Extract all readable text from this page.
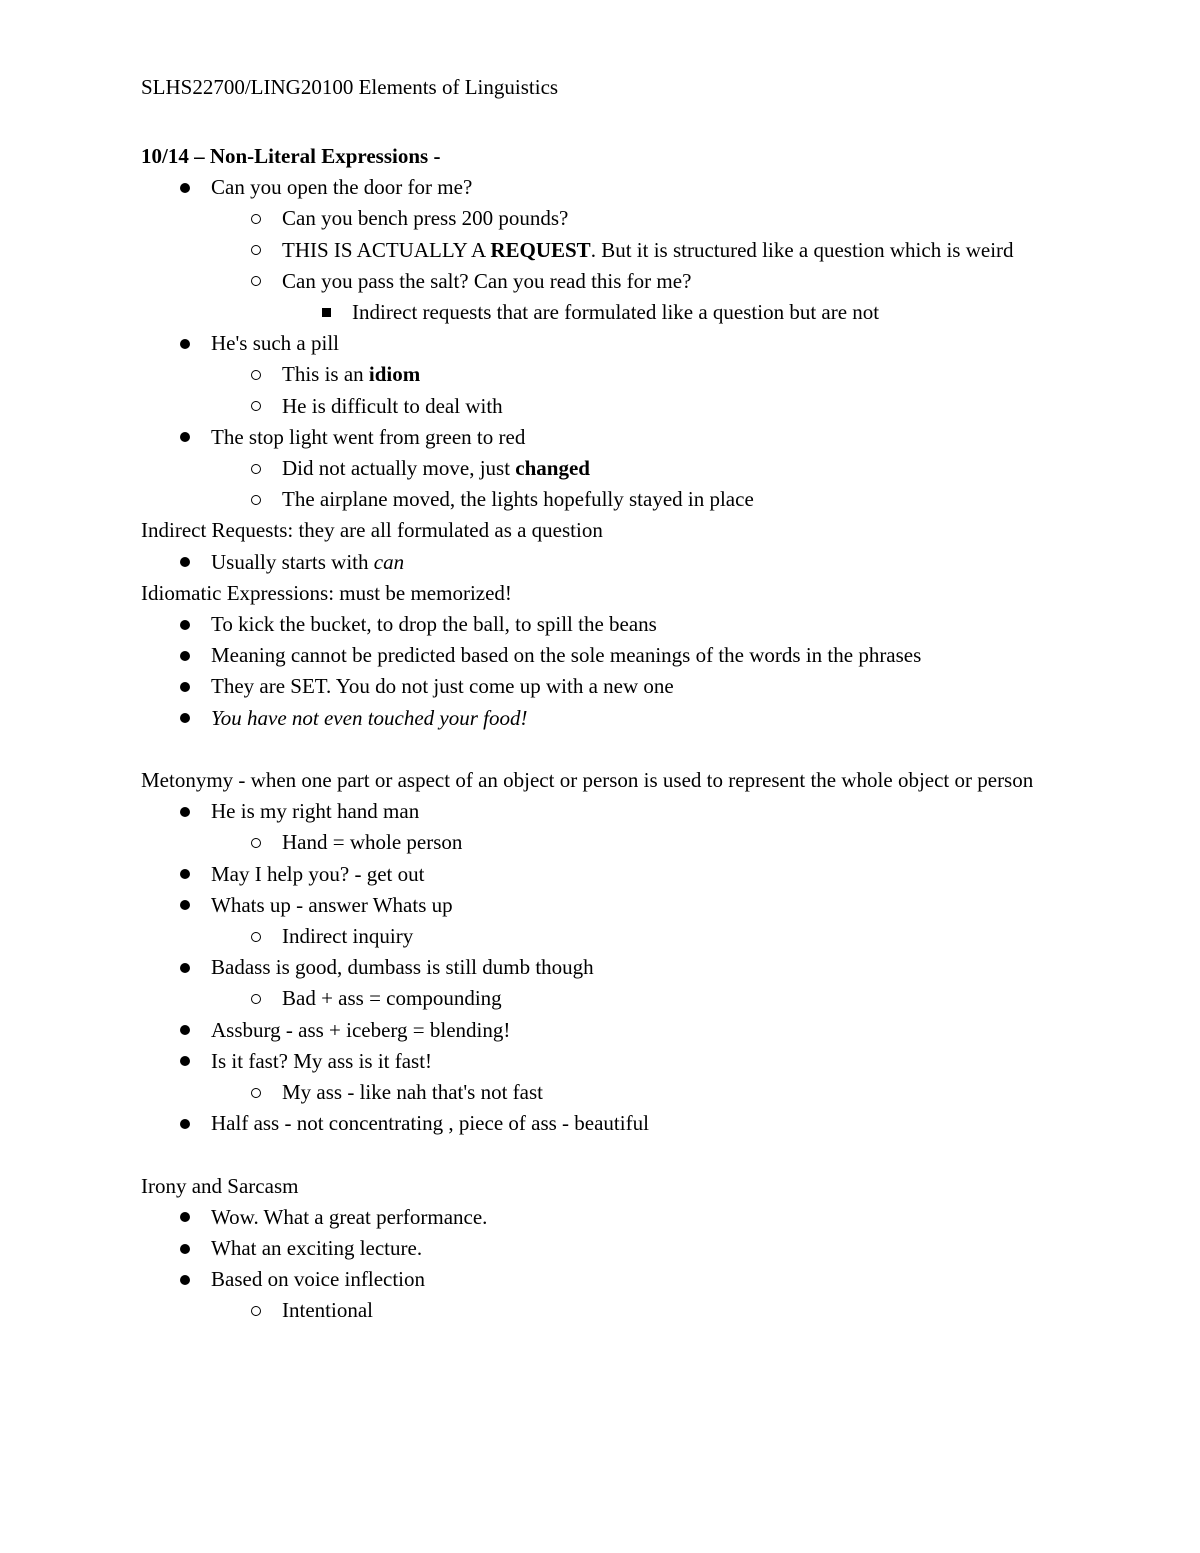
SLHS22700/LING20100 Elements of Linguistics
10/14 – Non-Literal Expressions -
Can you open the door for me?
Can you bench press 200 pounds?
THIS IS ACTUALLY A REQUEST. But it is structured like a question which is weird
Can you pass the salt? Can you read this for me?
Indirect requests that are formulated like a question but are not
He's such a pill
This is an idiom
He is difficult to deal with
The stop light went from green to red
Did not actually move, just changed
The airplane moved, the lights hopefully stayed in place
Indirect Requests: they are all formulated as a question
Usually starts with can
Idiomatic Expressions: must be memorized!
To kick the bucket, to drop the ball, to spill the beans
Meaning cannot be predicted based on the sole meanings of the words in the phrases
They are SET. You do not just come up with a new one
You have not even touched your food!
Metonymy - when one part or aspect of an object or person is used to represent the whole object or person
He is my right hand man
Hand = whole person
May I help you? - get out
Whats up - answer Whats up
Indirect inquiry
Badass is good, dumbass is still dumb though
Bad + ass = compounding
Assburg - ass + iceberg = blending!
Is it fast? My ass is it fast!
My ass - like nah that's not fast
Half ass - not concentrating , piece of ass - beautiful
Irony and Sarcasm
Wow. What a great performance.
What an exciting lecture.
Based on voice inflection
Intentional
